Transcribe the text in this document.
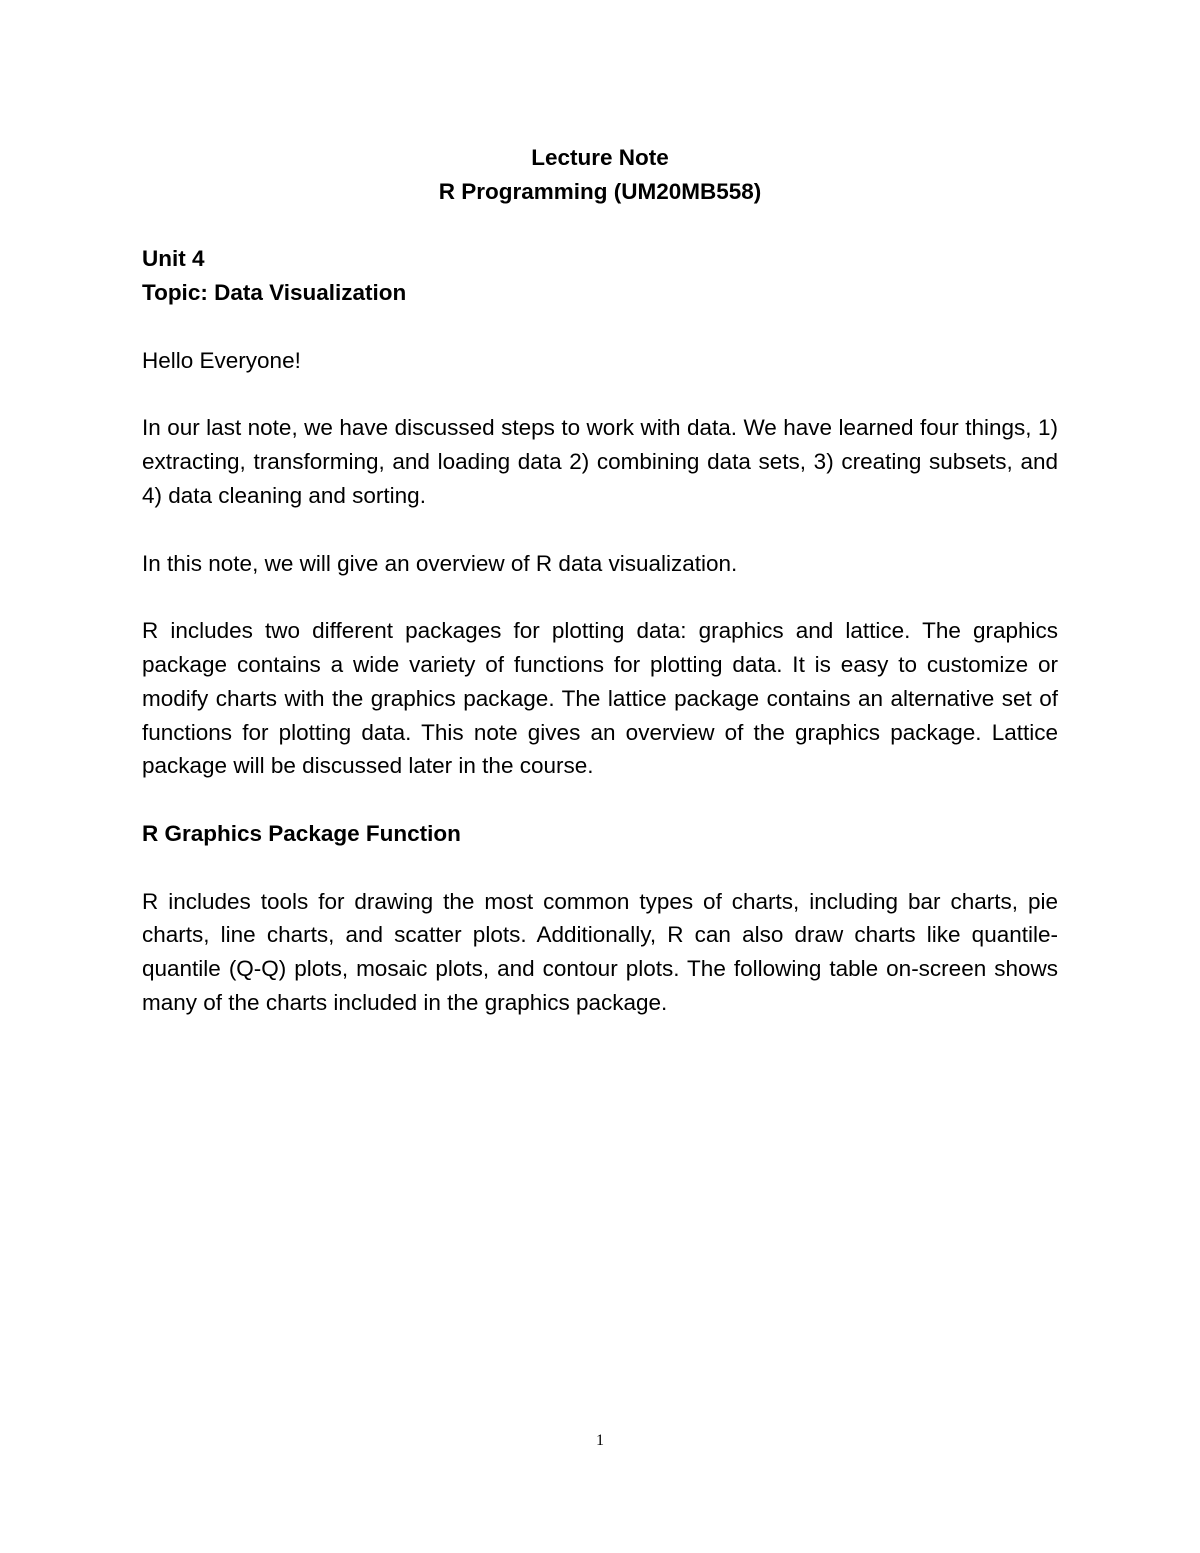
Lecture Note

R Programming (UM20MB558)

Unit 4

Topic: Data Visualization

Hello Everyone!

In our last note, we have discussed steps to work with data. We have learned four things, 1) extracting, transforming, and loading data 2) combining data sets, 3) creating subsets, and 4) data cleaning and sorting.

In this note, we will give an overview of R data visualization.

R includes two different packages for plotting data: graphics and lattice. The graphics package contains a wide variety of functions for plotting data. It is easy to customize or modify charts with the graphics package. The lattice package contains an alternative set of functions for plotting data. This note gives an overview of the graphics package. Lattice package will be discussed later in the course.

R Graphics Package Function

R includes tools for drawing the most common types of charts, including bar charts, pie charts, line charts, and scatter plots. Additionally, R can also draw charts like quantile-quantile (Q-Q) plots, mosaic plots, and contour plots. The following table on-screen shows many of the charts included in the graphics package.

1
